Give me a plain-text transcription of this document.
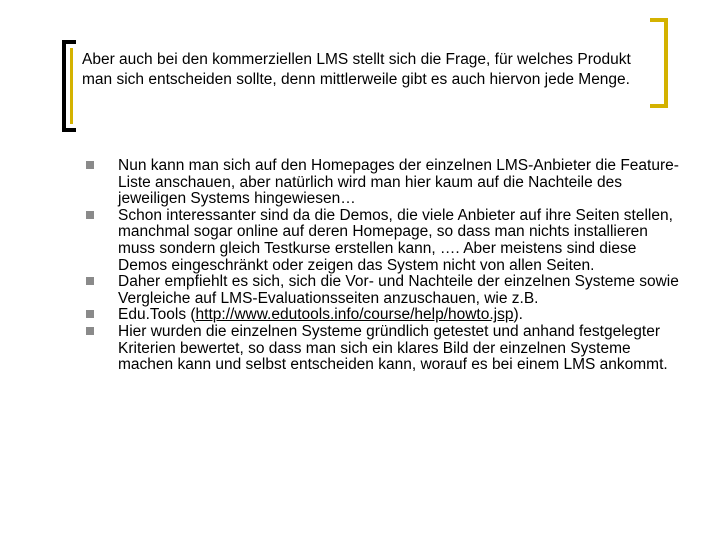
Aber auch bei den kommerziellen LMS stellt sich die Frage, für welches Produkt man sich entscheiden sollte, denn mittlerweile gibt es auch hiervon jede Menge.
Nun kann man sich auf den Homepages der einzelnen LMS-Anbieter die Feature-Liste anschauen, aber natürlich wird man hier kaum auf die Nachteile des jeweiligen Systems hingewiesen…
Schon interessanter sind da die Demos, die viele Anbieter auf ihre Seiten stellen, manchmal sogar online auf deren Homepage, so dass man nichts installieren muss sondern gleich Testkurse erstellen kann, …. Aber meistens sind diese Demos eingeschränkt oder zeigen das System nicht von allen Seiten.
Daher empfiehlt es sich, sich die Vor- und Nachteile der einzelnen Systeme sowie Vergleiche auf LMS-Evaluationsseiten anzuschauen, wie z.B.
Edu.Tools (http://www.edutools.info/course/help/howto.jsp).
Hier wurden die einzelnen Systeme gründlich getestet und anhand festgelegter Kriterien bewertet, so dass man sich ein klares Bild der einzelnen Systeme machen kann und selbst entscheiden kann, worauf es bei einem LMS ankommt.
